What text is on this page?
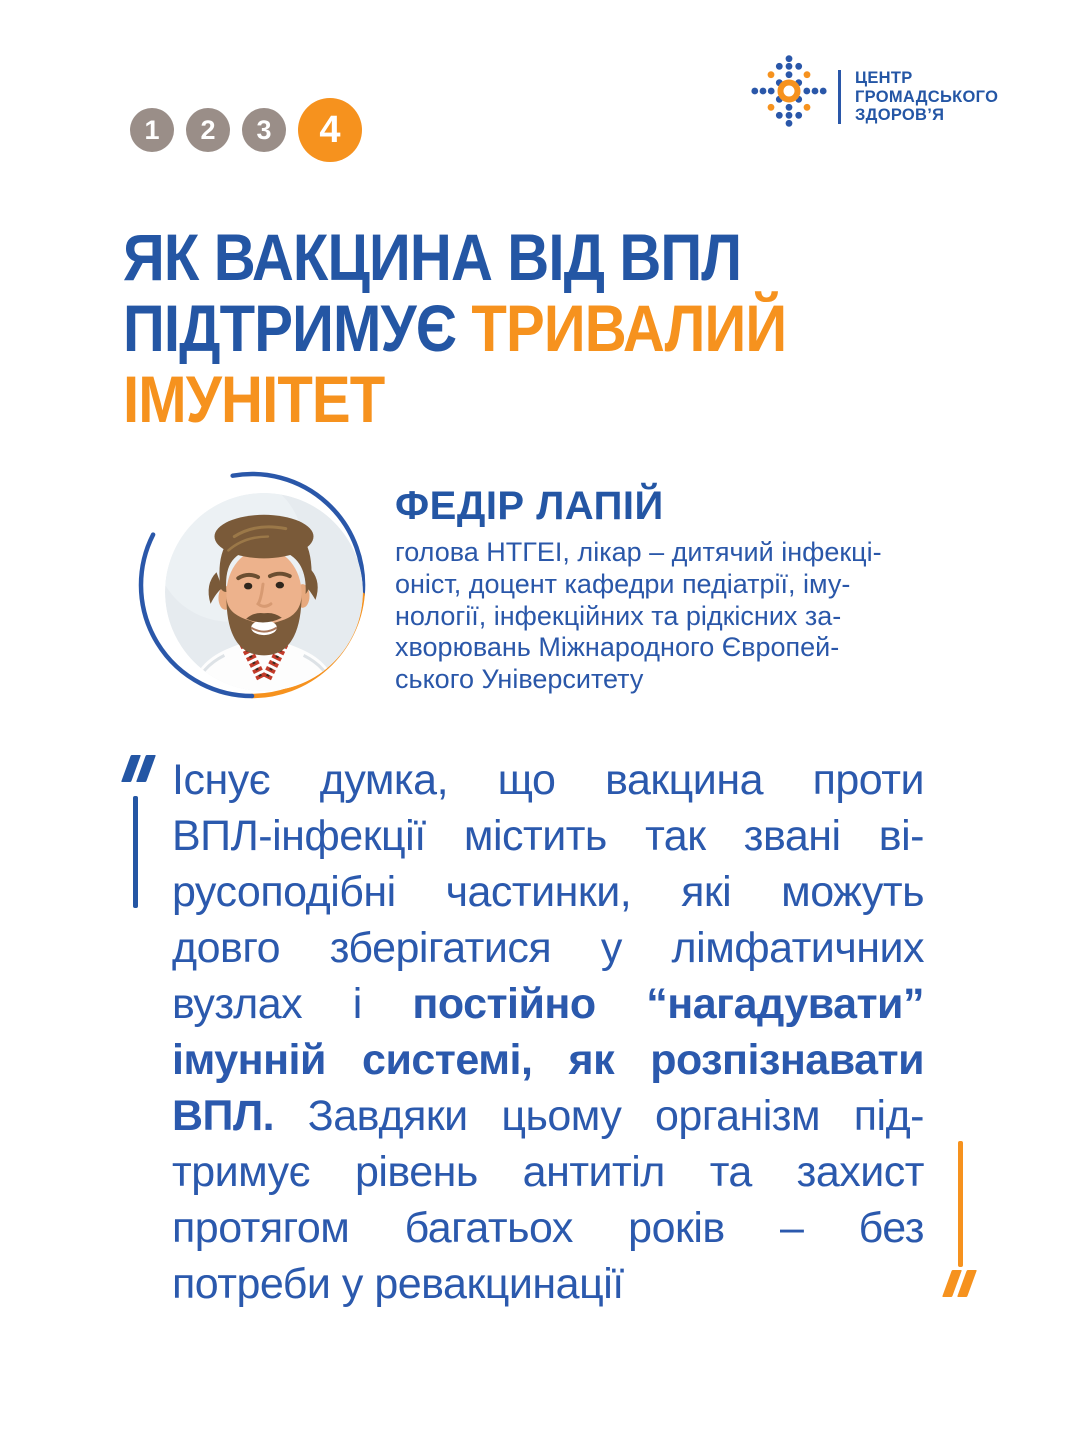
1	2	3	4
ЦЕНТР
ГРОМАДСЬКОГО
ЗДОРОВ’Я
ЯК ВАКЦИНА ВІД ВПЛ
ПІДТРИМУЄ ТРИВАЛИЙ
ІМУНІТЕТ
ФЕДІР ЛАПІЙ
голова НТГЕІ, лікар – дитячий інфекці-
оніст, доцент кафедри педіатрії, іму-
нології, інфекційних та рідкісних за-
хворювань Міжнародного Європей-
ського Університету
Існує думка, що вакцина проти
ВПЛ-інфекції містить так звані ві-
русоподібні частинки, які можуть
довго зберігатися у лімфатичних
вузлах і постійно “нагадувати”
імунній системі, як розпізнавати
ВПЛ. Завдяки цьому організм під-
тримує рівень антитіл та захист
протягом багатьох років – без
потреби у ревакцинації
